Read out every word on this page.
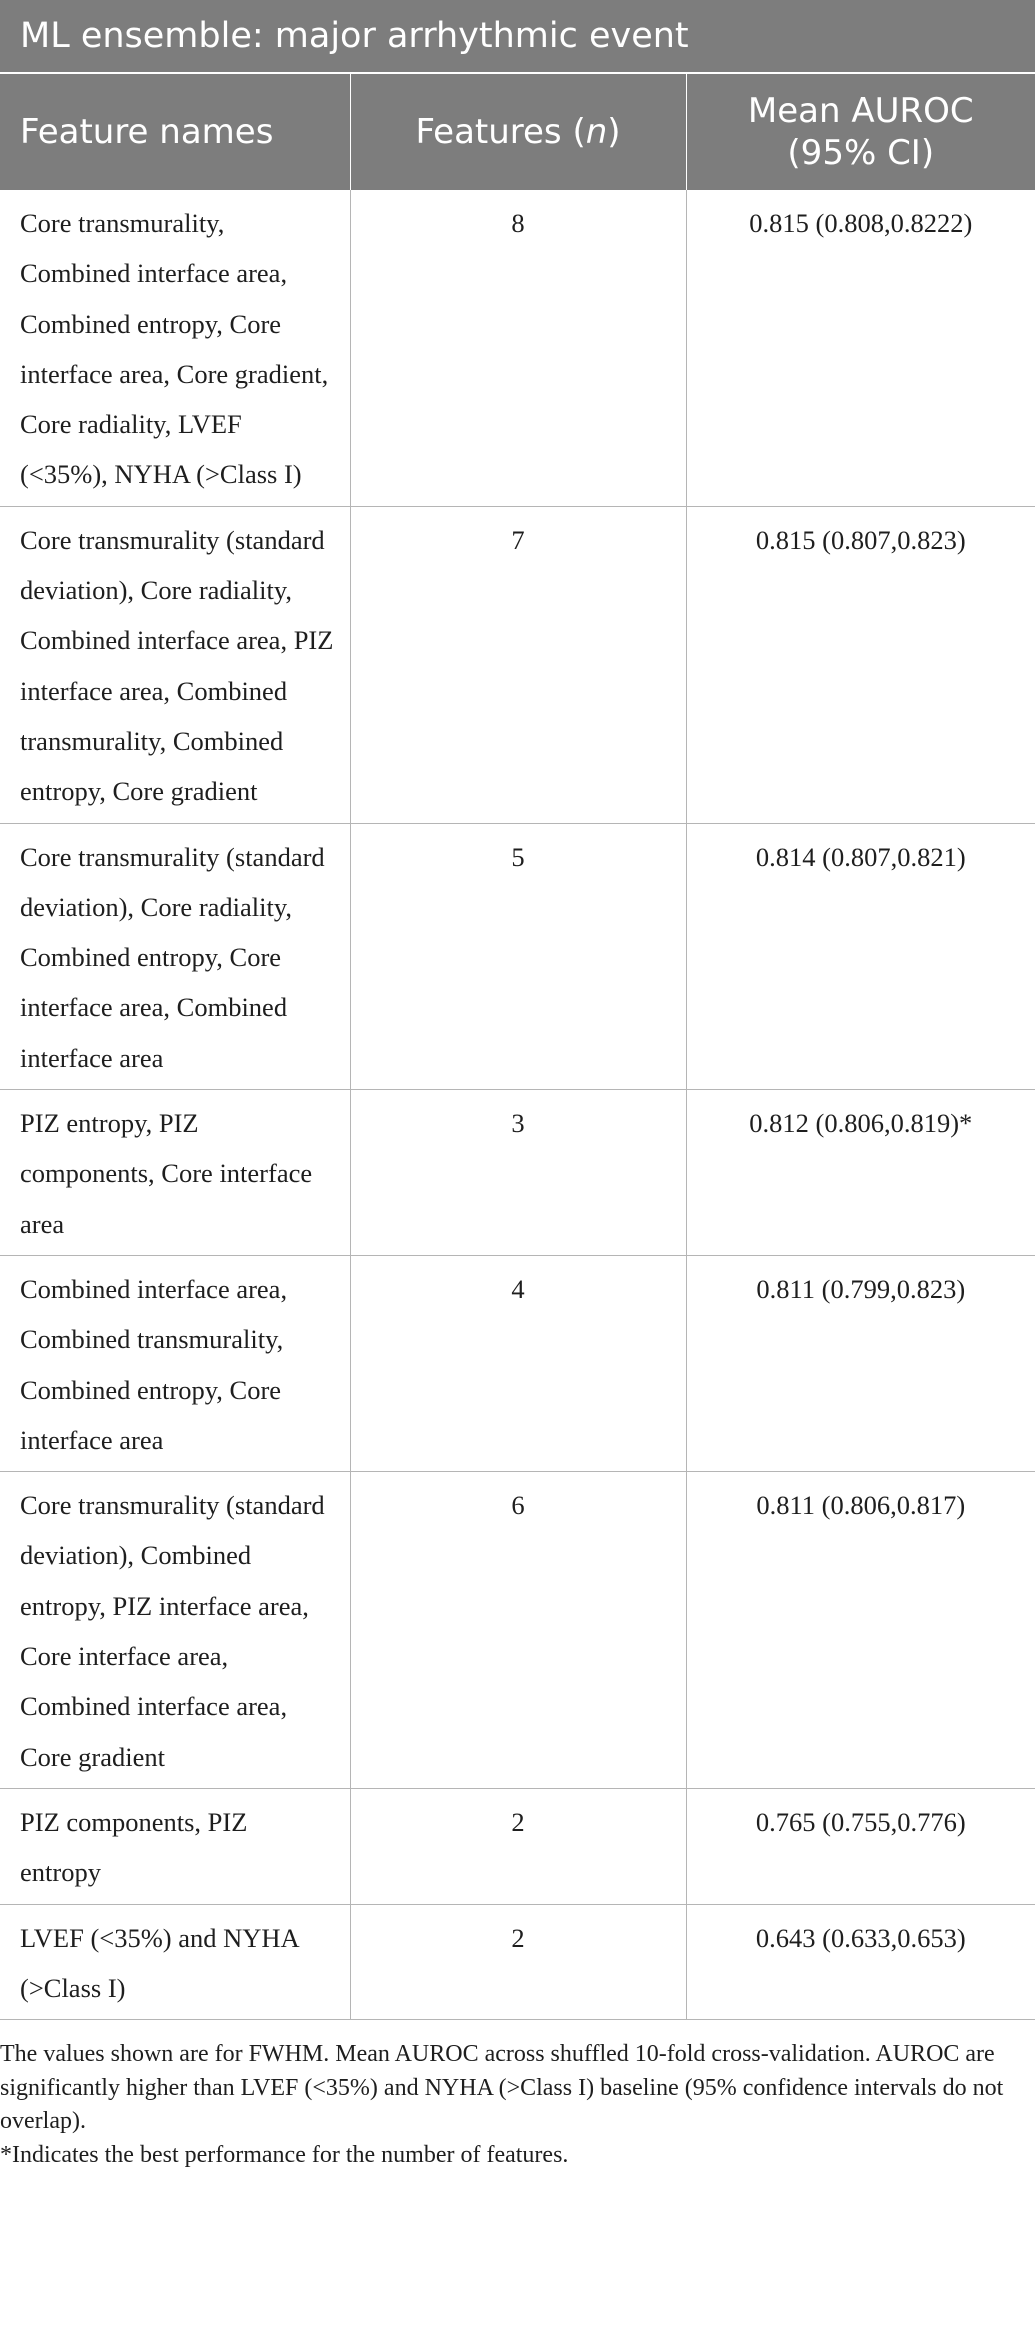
ML ensemble: major arrhythmic event		
Feature names	Features (n)	Mean AUROC
(95% CI)
Core transmurality, Combined interface area, Combined entropy, Core interface area, Core gradient, Core radiality, LVEF (<35%), NYHA (>Class I)	8	0.815 (0.808,0.8222)
Core transmurality (standard deviation), Core radiality, Combined interface area, PIZ interface area, Combined transmurality, Combined entropy, Core gradient	7	0.815 (0.807,0.823)
Core transmurality (standard deviation), Core radiality, Combined entropy, Core interface area, Combined interface area	5	0.814 (0.807,0.821)
PIZ entropy, PIZ components, Core interface area	3	0.812 (0.806,0.819)*
Combined interface area, Combined transmurality, Combined entropy, Core interface area	4	0.811 (0.799,0.823)
Core transmurality (standard deviation), Combined entropy, PIZ interface area, Core interface area, Combined interface area, Core gradient	6	0.811 (0.806,0.817)
PIZ components, PIZ entropy	2	0.765 (0.755,0.776)
LVEF (<35%) and NYHA (>Class I)	2	0.643 (0.633,0.653)

The values shown are for FWHM. Mean AUROC across shuffled 10-fold cross-validation. AUROC are significantly higher than LVEF (<35%) and NYHA (>Class I) baseline (95% confidence intervals do not overlap).

*Indicates the best performance for the number of features.
